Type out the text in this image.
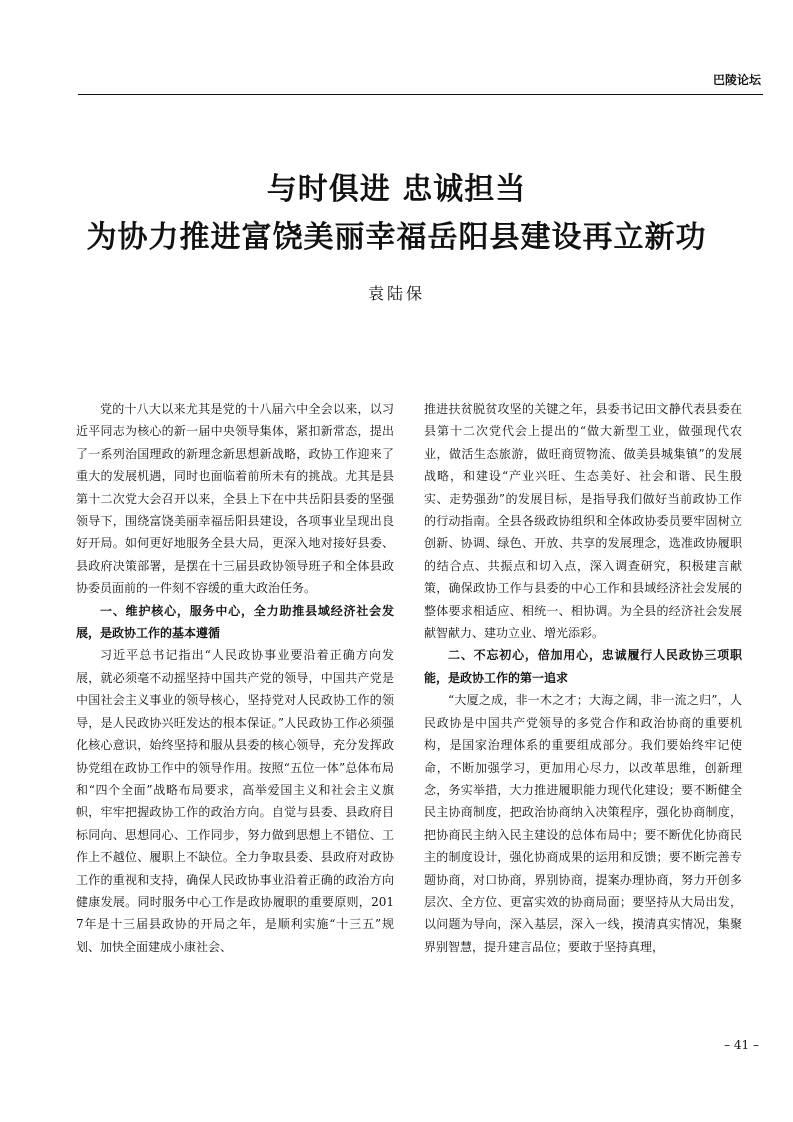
巴陵论坛
与时俱进 忠诚担当
为协力推进富饶美丽幸福岳阳县建设再立新功
袁陆保

党的十八大以来尤其是党的十八届六中全会以来，以习近平同志为核心的新一届中央领导集体，紧扣新常态，提出了一系列治国理政的新理念新思想新战略，政协工作迎来了重大的发展机遇，同时也面临着前所未有的挑战。尤其是县第十二次党大会召开以来，全县上下在中共岳阳县委的坚强领导下，围绕富饶美丽幸福岳阳县建设，各项事业呈现出良好开局。如何更好地服务全县大局，更深入地对接好县委、县政府决策部署，是摆在十三届县政协领导班子和全体县政协委员面前的一件刻不容缓的重大政治任务。

一、维护核心，服务中心，全力助推县域经济社会发展，是政协工作的基本遵循

习近平总书记指出“人民政协事业要沿着正确方向发展，就必须毫不动摇坚持中国共产党的领导，中国共产党是中国社会主义事业的领导核心，坚持党对人民政协工作的领导，是人民政协兴旺发达的根本保证。”人民政协工作必须强化核心意识，始终坚持和服从县委的核心领导，充分发挥政协党组在政协工作中的领导作用。按照“五位一体”总体布局和“四个全面”战略布局要求，高举爱国主义和社会主义旗帜，牢牢把握政协工作的政治方向。自觉与县委、县政府目标同向、思想同心、工作同步，努力做到思想上不错位、工作上不越位、履职上不缺位。全力争取县委、县政府对政协工作的重视和支持，确保人民政协事业沿着正确的政治方向健康发展。同时服务中心工作是政协履职的重要原则，2017年是十三届县政协的开局之年，是顺利实施“十三五”规划、加快全面建成小康社会、

推进扶贫脱贫攻坚的关键之年，县委书记田文静代表县委在县第十二次党代会上提出的“做大新型工业，做强现代农业，做活生态旅游，做旺商贸物流、做美县城集镇”的发展战略，和建设“产业兴旺、生态美好、社会和谐、民生殷实、走势强劲”的发展目标，是指导我们做好当前政协工作的行动指南。全县各级政协组织和全体政协委员要牢固树立创新、协调、绿色、开放、共享的发展理念，选准政协履职的结合点、共振点和切入点，深入调查研究，积极建言献策，确保政协工作与县委的中心工作和县域经济社会发展的整体要求相适应、相统一、相协调。为全县的经济社会发展献智献力、建功立业、增光添彩。

二、不忘初心，倍加用心，忠诚履行人民政协三项职能，是政协工作的第一追求

“大厦之成，非一木之才；大海之阔，非一流之归”，人民政协是中国共产党领导的多党合作和政治协商的重要机构，是国家治理体系的重要组成部分。我们要始终牢记使命，不断加强学习，更加用心尽力，以改革思维，创新理念，务实举措，大力推进履职能力现代化建设；要不断健全民主协商制度，把政治协商纳入决策程序，强化协商制度，把协商民主纳入民主建设的总体布局中；要不断优化协商民主的制度设计，强化协商成果的运用和反馈；要不断完善专题协商，对口协商，界别协商，提案办理协商，努力开创多层次、全方位、更富实效的协商局面；要坚持从大局出发，以问题为导向，深入基层，深入一线，摸清真实情况，集聚界别智慧，提升建言品位；要敢于坚持真理，

– 41 –
